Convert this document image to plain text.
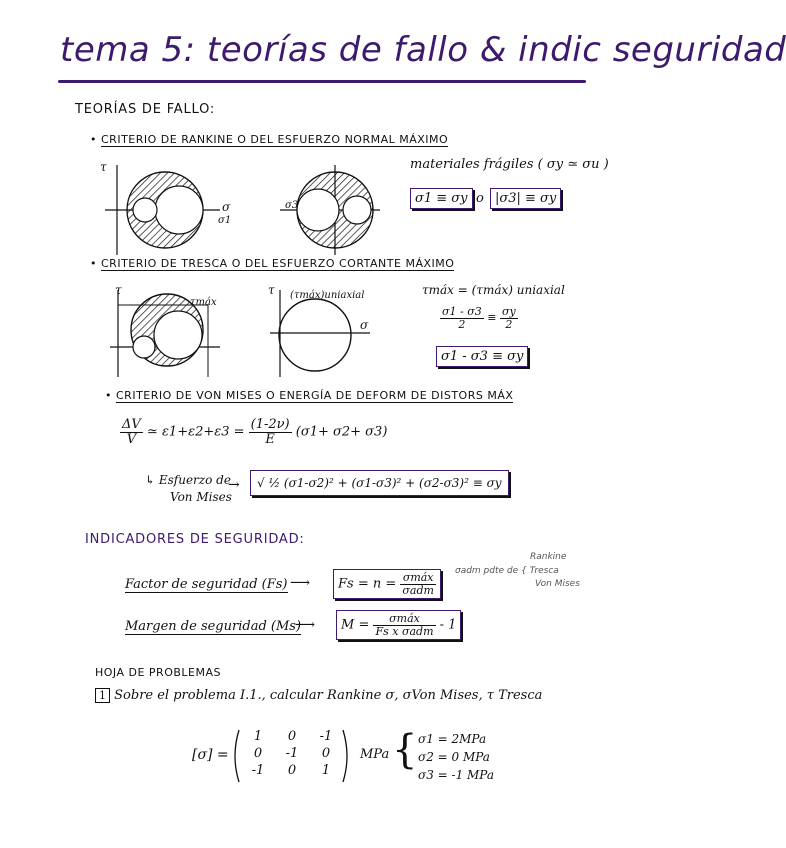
tema 5: teorías de fallo & indic seguridad
TEORÍAS DE FALLO:
• CRITERIO DE RANKINE O DEL ESFUERZO NORMAL MÁXIMO
τ
σ
σ1
σ3
materiales frágiles ( σy ≃ σu )
σ1 ≡ σy o |σ3| ≡ σy
• CRITERIO DE TRESCA O DEL ESFUERZO CORTANTE MÁXIMO
τ
τmáx
τ (τmáx)uniaxial
σ
τmáx = (τmáx) uniaxial
$\frac{\sigma 1 - \sigma 3}{2} \equiv \frac{\sigma y}{2}$
σ1 - σ3 ≡ σy
• CRITERIO DE VON MISES O ENERGÍA DE DEFORM DE DISTORS MÁX
$\frac{\Delta V}{V}$ ≃ $\varepsilon 1+\varepsilon 2+\varepsilon 3 = \frac{(1-2\nu)}{E} (\sigma 1+ \sigma 2+ \sigma 3)$
↳ Esfuerzo de
Von Mises
→	√ ½ (σ1-σ2)² + (σ1-σ3)² + (σ2-σ3)² ≡ σy
INDICADORES DE SEGURIDAD:
Factor de seguridad (Fs) ⟶	$Fs = n = \frac{\text{σmáx}}{\text{σadm}}$
Rankine
σadm pdte de { Tresca
Von Mises
Margen de seguridad (Ms)
⟶	$M = \frac{\text{σmáx}}{\text{Fs x σadm}} - 1$
HOJA DE PROBLEMAS
1 Sobre el problema I.1., calcular Rankine σ, σVon Mises, τ Tresca
[σ] =
1	0	-1
0	-1	0
-1	0	1
MPa { σ1 = 2MPa
σ2 = 0 MPa
σ3 = -1 MPa
